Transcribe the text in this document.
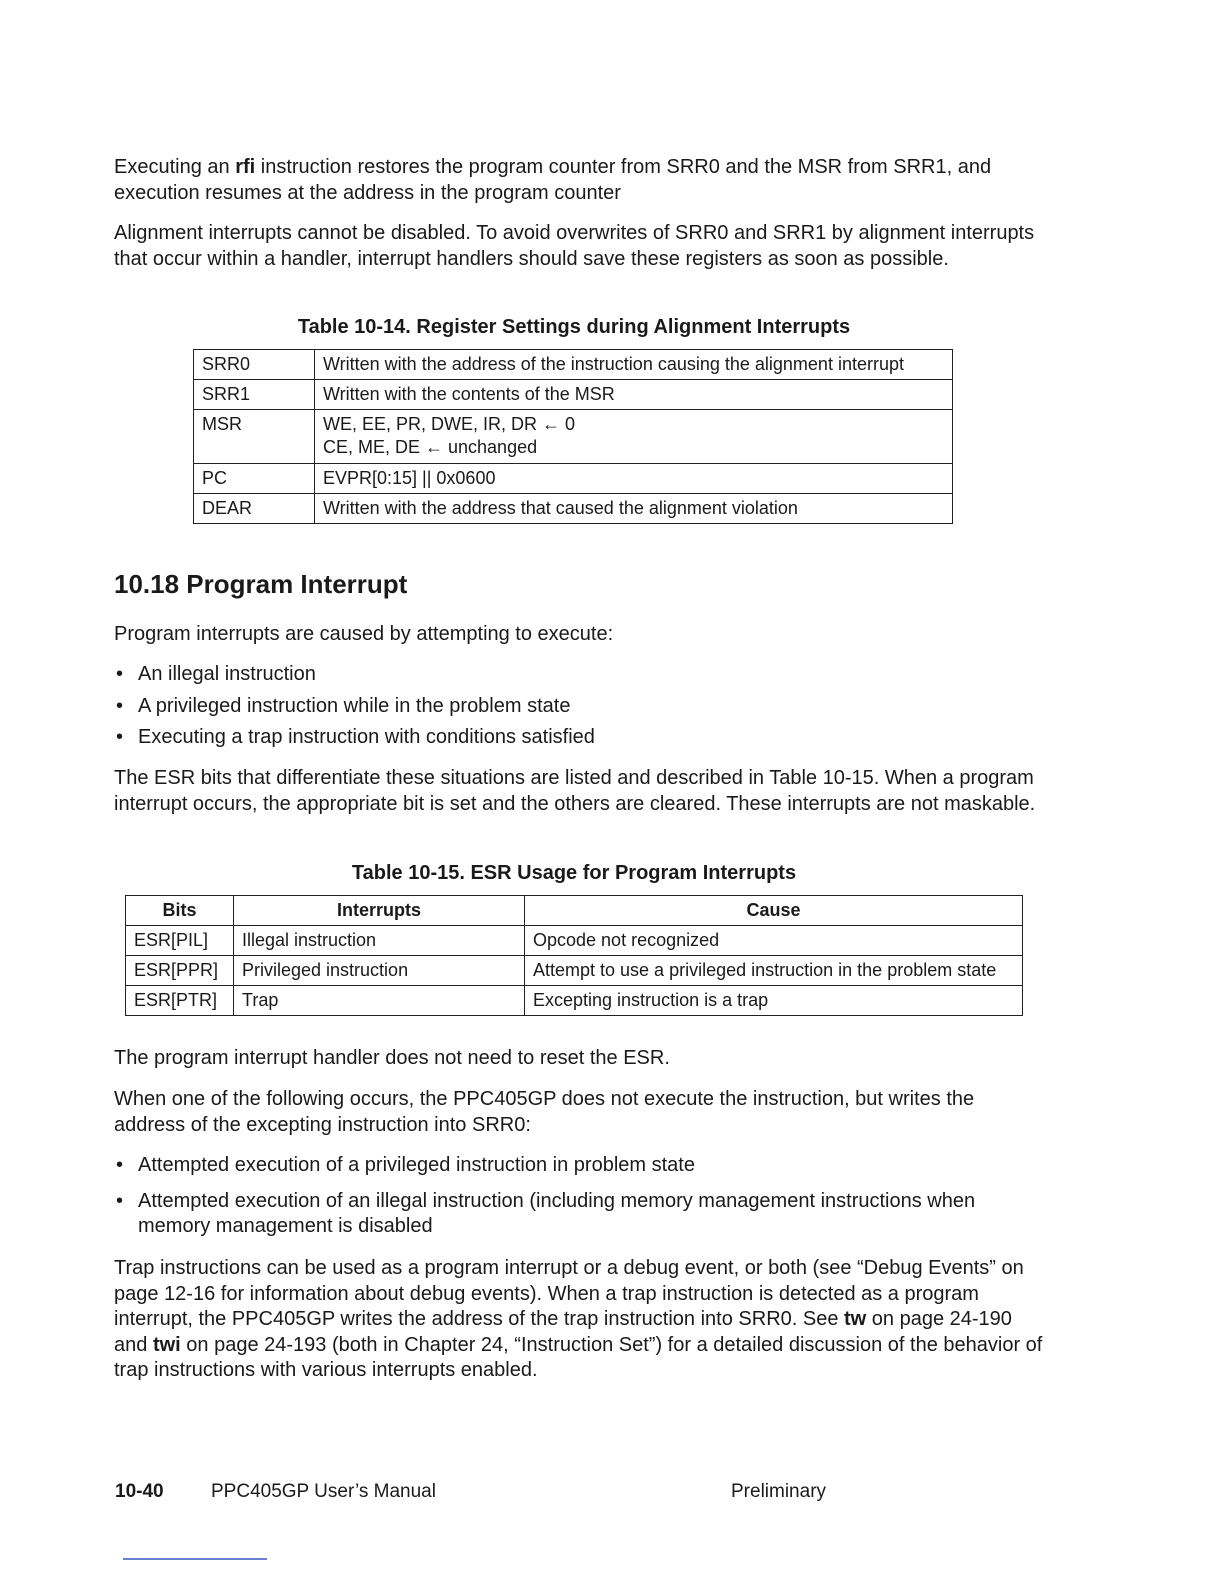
Executing an rfi instruction restores the program counter from SRR0 and the MSR from SRR1, and execution resumes at the address in the program counter

Alignment interrupts cannot be disabled. To avoid overwrites of SRR0 and SRR1 by alignment interrupts that occur within a handler, interrupt handlers should save these registers as soon as possible.

Table 10-14. Register Settings during Alignment Interrupts

SRR0	Written with the address of the instruction causing the alignment interrupt
SRR1	Written with the contents of the MSR
MSR	WE, EE, PR, DWE, IR, DR ← 0
CE, ME, DE ← unchanged

PC	EVPR[0:15] || 0x0600
DEAR	Written with the address that caused the alignment violation
10.18 Program Interrupt

Program interrupts are caused by attempting to execute:

• An illegal instruction
• A privileged instruction while in the problem state
• Executing a trap instruction with conditions satisfied

The ESR bits that differentiate these situations are listed and described in Table 10-15. When a program interrupt occurs, the appropriate bit is set and the others are cleared. These interrupts are not maskable.

Table 10-15. ESR Usage for Program Interrupts

Bits	Interrupts	Cause
ESR[PIL]	Illegal instruction	Opcode not recognized
ESR[PPR]	Privileged instruction	Attempt to use a privileged instruction in the problem state
ESR[PTR]	Trap	Excepting instruction is a trap

The program interrupt handler does not need to reset the ESR.

When one of the following occurs, the PPC405GP does not execute the instruction, but writes the address of the excepting instruction into SRR0:

• Attempted execution of a privileged instruction in problem state
• Attempted execution of an illegal instruction (including memory management instructions when memory management is disabled

Trap instructions can be used as a program interrupt or a debug event, or both (see “Debug Events” on page 12-16 for information about debug events). When a trap instruction is detected as a program interrupt, the PPC405GP writes the address of the trap instruction into SRR0. See tw on page 24-190 and twi on page 24-193 (both in Chapter 24, “Instruction Set”) for a detailed discussion of the behavior of trap instructions with various interrupts enabled.

10-40 PPC405GP User’s Manual	Preliminary
